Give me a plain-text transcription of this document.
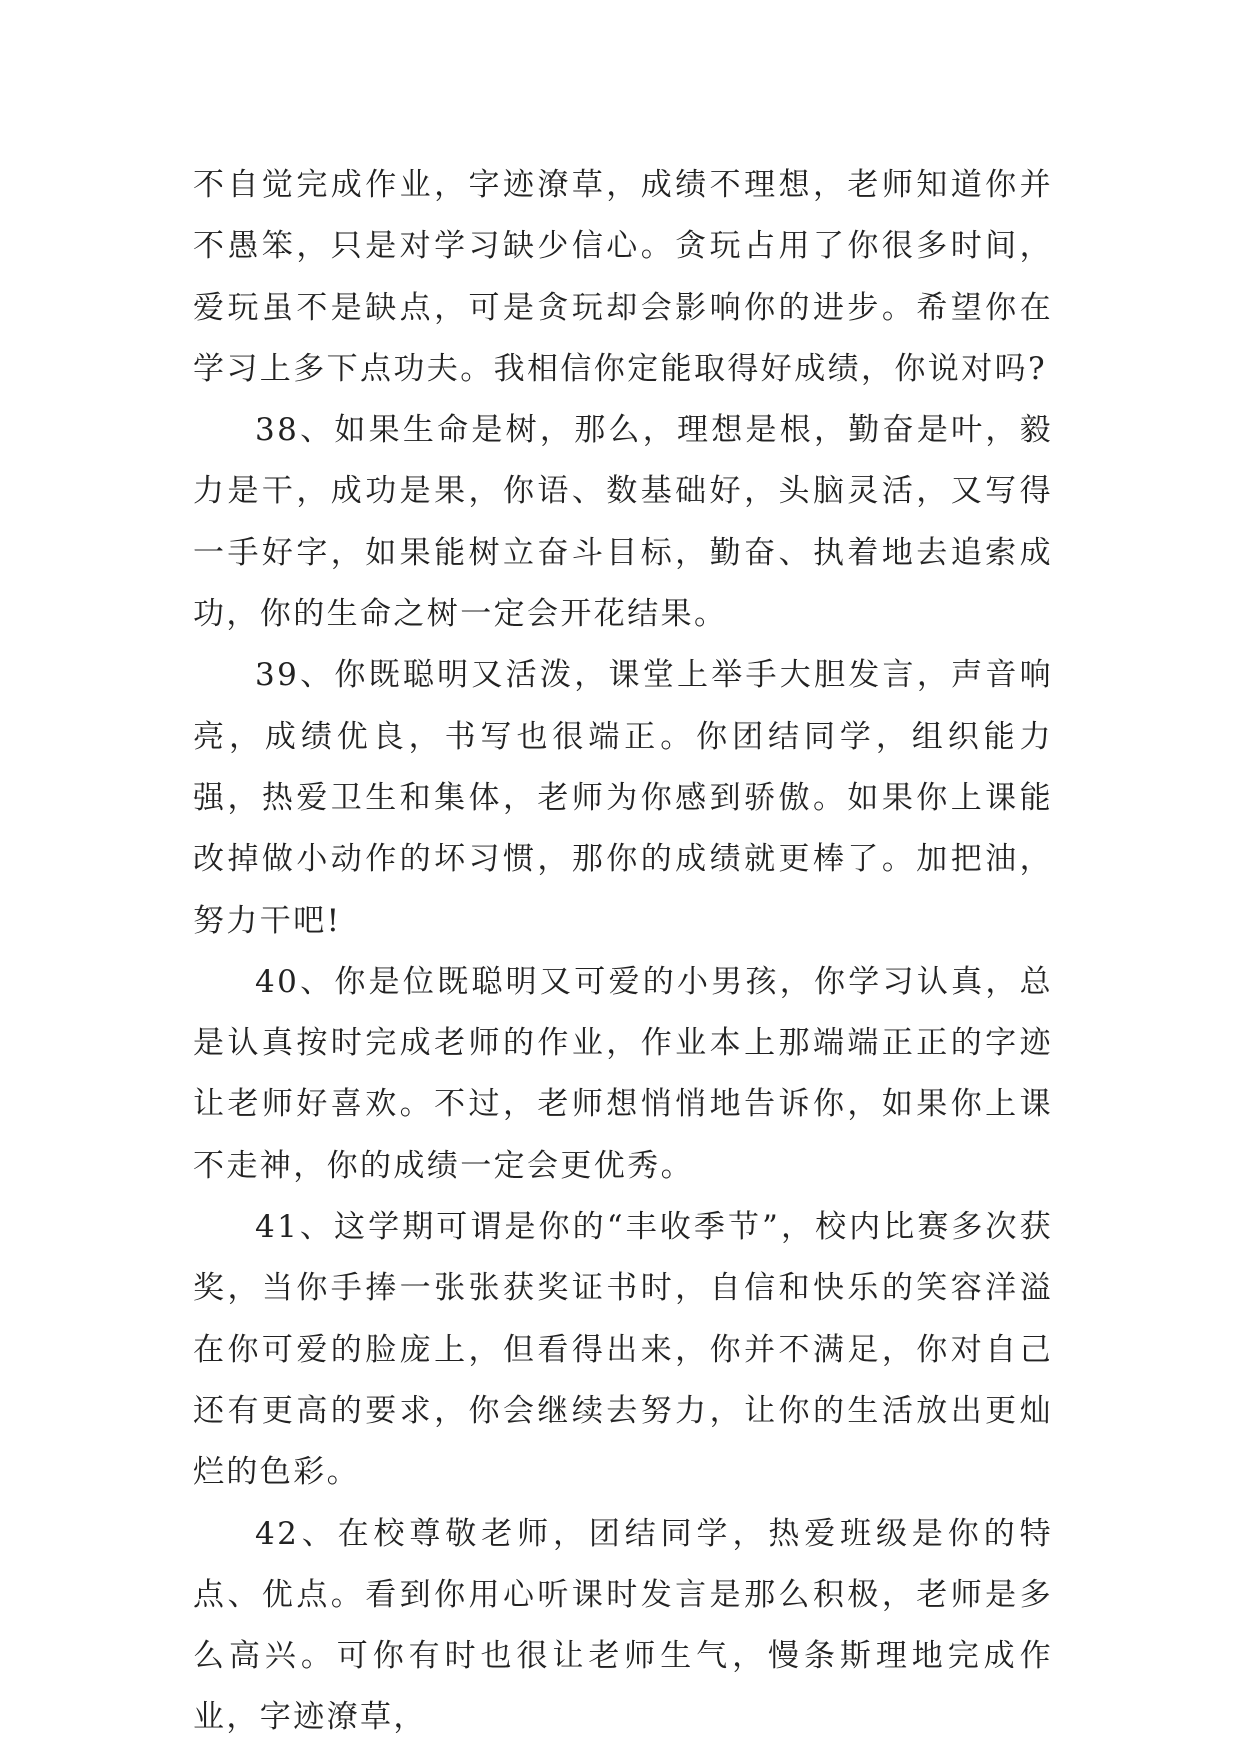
不自觉完成作业，字迹潦草，成绩不理想，老师知道你并不愚笨，只是对学习缺少信心。贪玩占用了你很多时间，爱玩虽不是缺点，可是贪玩却会影响你的进步。希望你在学习上多下点功夫。我相信你定能取得好成绩，你说对吗?

38、如果生命是树，那么，理想是根，勤奋是叶，毅力是干，成功是果，你语、数基础好，头脑灵活，又写得一手好字，如果能树立奋斗目标，勤奋、执着地去追索成功，你的生命之树一定会开花结果。

39、你既聪明又活泼，课堂上举手大胆发言，声音响亮，成绩优良，书写也很端正。你团结同学，组织能力强，热爱卫生和集体，老师为你感到骄傲。如果你上课能改掉做小动作的坏习惯，那你的成绩就更棒了。加把油，努力干吧!

40、你是位既聪明又可爱的小男孩，你学习认真，总是认真按时完成老师的作业，作业本上那端端正正的字迹让老师好喜欢。不过，老师想悄悄地告诉你，如果你上课不走神，你的成绩一定会更优秀。

41、这学期可谓是你的“丰收季节”，校内比赛多次获奖，当你手捧一张张获奖证书时，自信和快乐的笑容洋溢在你可爱的脸庞上，但看得出来，你并不满足，你对自己还有更高的要求，你会继续去努力，让你的生活放出更灿烂的色彩。

42、在校尊敬老师，团结同学，热爱班级是你的特点、优点。看到你用心听课时发言是那么积极，老师是多么高兴。可你有时也很让老师生气，慢条斯理地完成作业，字迹潦草，
